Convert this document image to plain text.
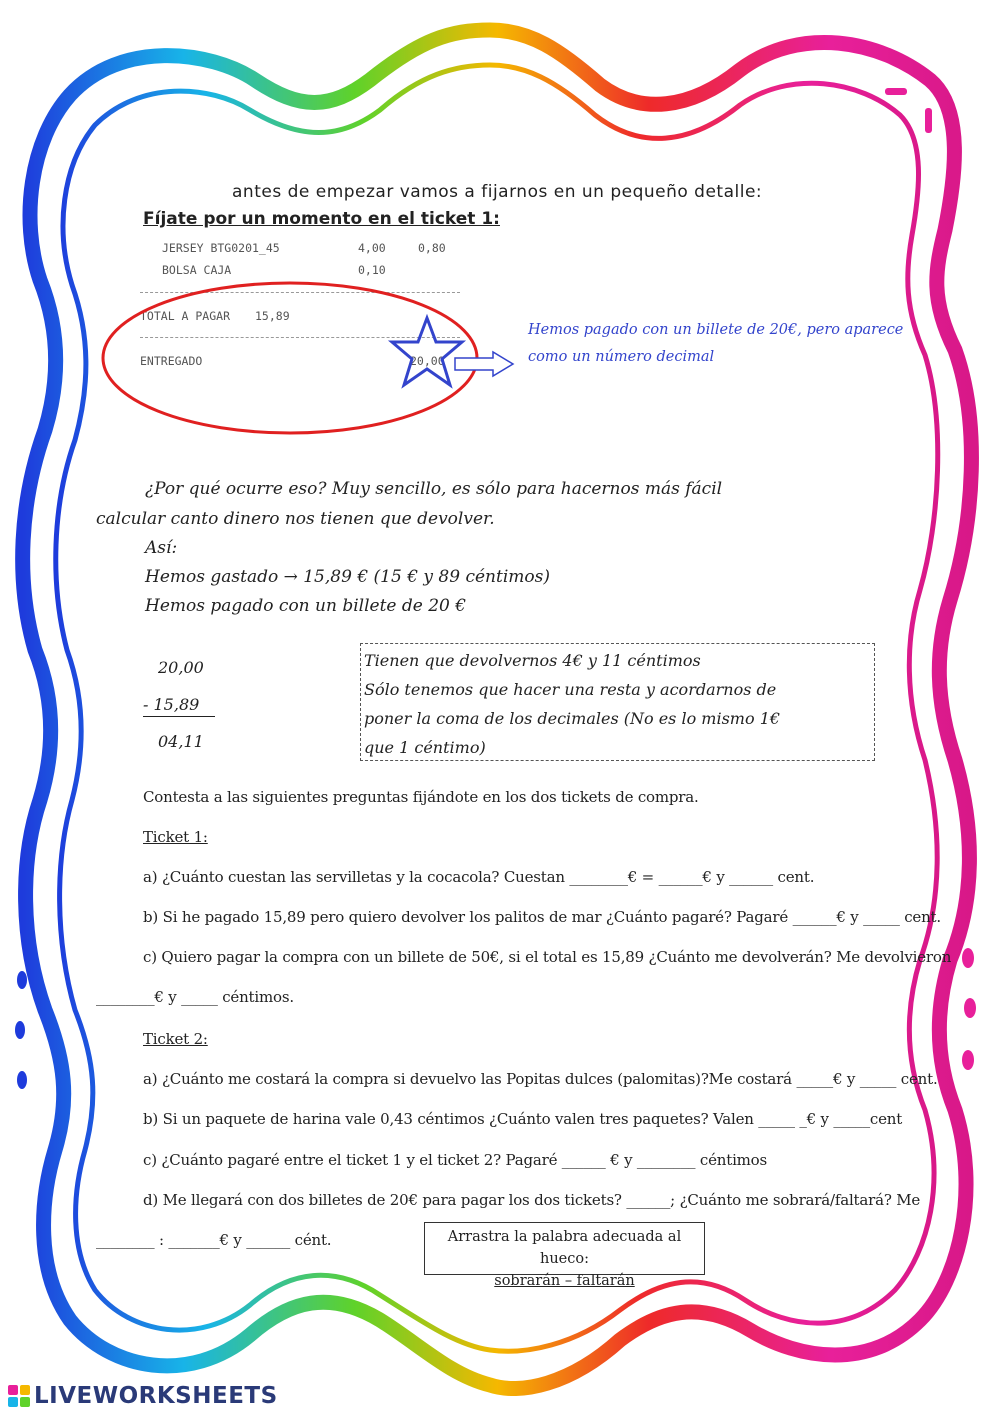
antes de empezar vamos a fijarnos en un pequeño detalle:
Fíjate por un momento en el ticket 1:
JERSEY BTG0201_45	4,00	0,80
BOLSA CAJA	0,10
TOTAL A PAGAR 15,89
ENTREGADO	20,00
Hemos pagado con un billete de 20€, pero aparece
como un número decimal
¿Por qué ocurre eso? Muy sencillo, es sólo para hacernos más fácil
calcular canto dinero nos tienen que devolver.
Así:
Hemos gastado → 15,89 € (15 € y 89 céntimos)
Hemos pagado con un billete de 20 €
20,00
- 15,89
04,11
Tienen que devolvernos 4€ y 11 céntimos
Sólo tenemos que hacer una resta y acordarnos de
poner la coma de los decimales (No es lo mismo 1€
que 1 céntimo)
Contesta a las siguientes preguntas fijándote en los dos tickets de compra.
Ticket 1:
a) ¿Cuánto cuestan las servilletas y la cocacola? Cuestan ________€ = ______€ y ______ cent.
b) Si he pagado 15,89 pero quiero devolver los palitos de mar ¿Cuánto pagaré? Pagaré ______€ y _____ cent.
c) Quiero pagar la compra con un billete de 50€, si el total es 15,89 ¿Cuánto me devolverán? Me devolvieron
________€ y _____ céntimos.
Ticket 2:
a) ¿Cuánto me costará la compra si devuelvo las Popitas dulces (palomitas)?Me costará _____€ y _____ cent.
b) Si un paquete de harina vale 0,43 céntimos ¿Cuánto valen tres paquetes? Valen _____ _€ y _____cent
c) ¿Cuánto pagaré entre el ticket 1 y el ticket 2? Pagaré ______ € y ________ céntimos
d) Me llegará con dos billetes de 20€ para pagar los dos tickets? ______; ¿Cuánto me sobrará/faltará? Me
________ : _______€ y ______ cént.	Arrastra la palabra adecuada al hueco:
sobrarán – faltarán
LIVEWORKSHEETS
